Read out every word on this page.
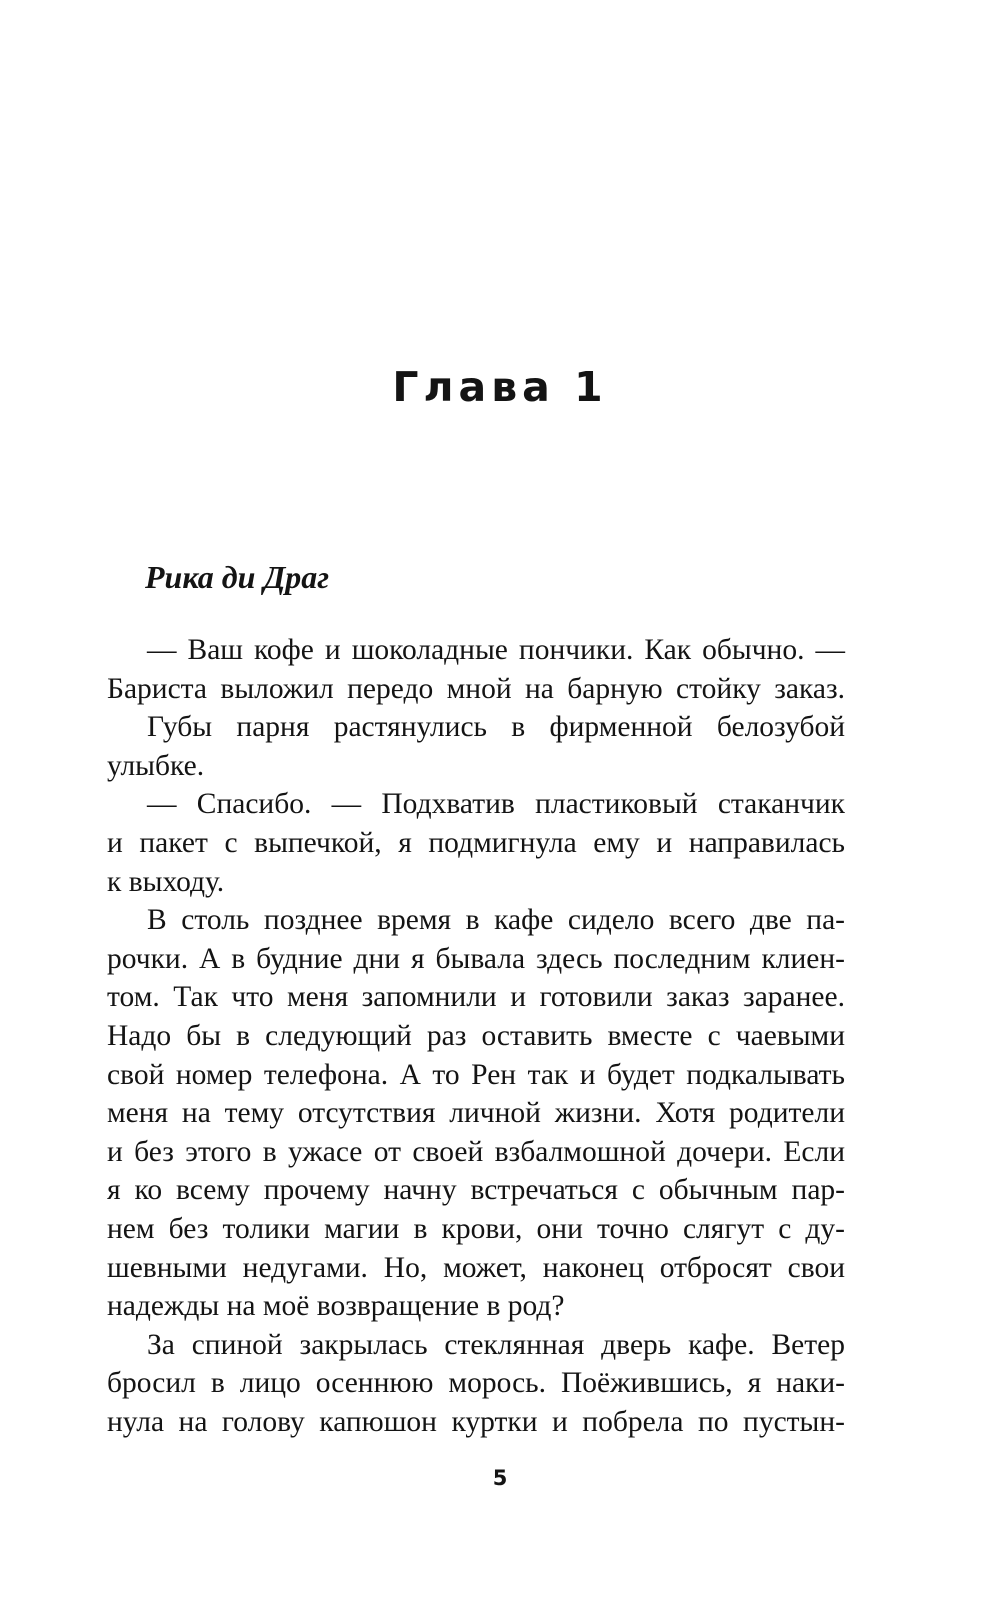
Глава 1
Рика ди Драг
— Ваш кофе и шоколадные пончики. Как обычно. —
Бариста выложил передо мной на барную стойку заказ.
Губы парня растянулись в фирменной белозубой
улыбке.
— Спасибо. — Подхватив пластиковый стаканчик
и пакет с выпечкой, я подмигнула ему и направилась
к выходу.
В столь позднее время в кафе сидело всего две па-
рочки. А в будние дни я бывала здесь последним клиен-
том. Так что меня запомнили и готовили заказ заранее.
Надо бы в следующий раз оставить вместе с чаевыми
свой номер телефона. А то Рен так и будет подкалывать
меня на тему отсутствия личной жизни. Хотя родители
и без этого в ужасе от своей взбалмошной дочери. Если
я ко всему прочему начну встречаться с обычным пар-
нем без толики магии в крови, они точно слягут с ду-
шевными недугами. Но, может, наконец отбросят свои
надежды на моё возвращение в род?
За спиной закрылась стеклянная дверь кафе. Ветер
бросил в лицо осеннюю морось. Поёжившись, я наки-
нула на голову капюшон куртки и побрела по пустын-
5
